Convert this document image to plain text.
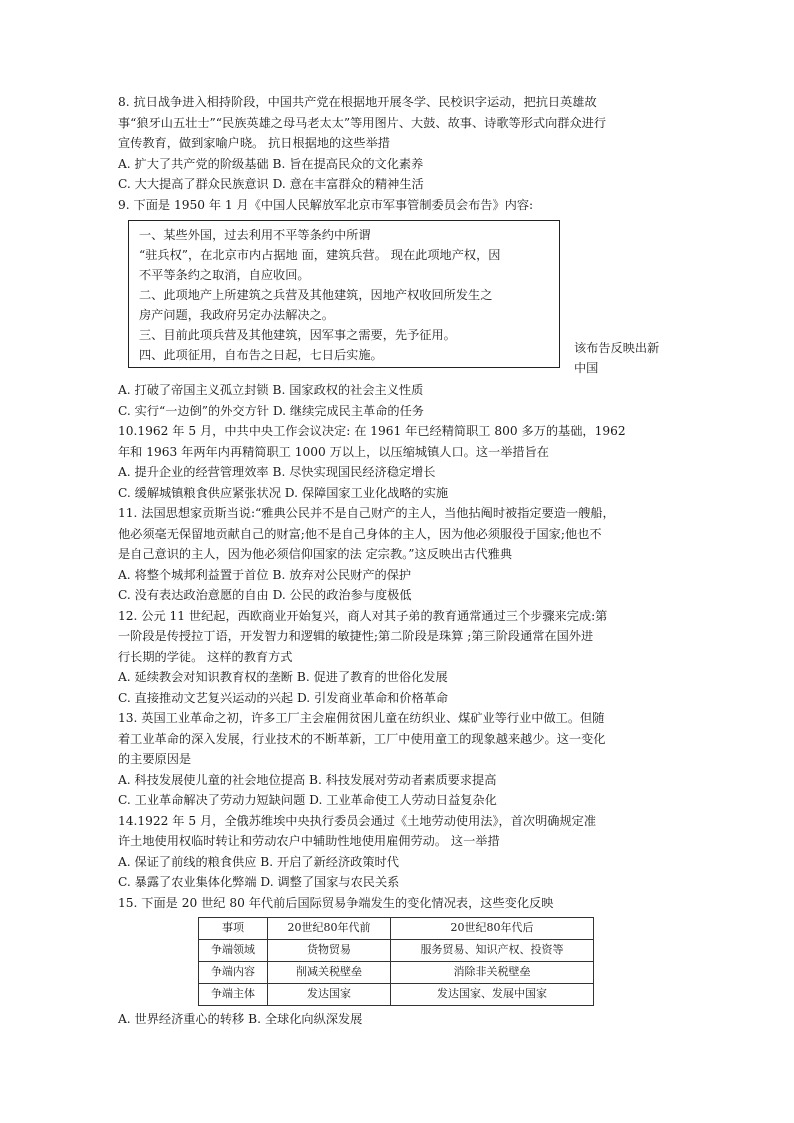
8. 抗日战争进入相持阶段，中国共产党在根据地开展冬学、民校识字运动，把抗日英雄故
事“狼牙山五壮士”“民族英雄之母马老太太”等用图片、大鼓、故事、诗歌等形式向群众进行
宣传教育，做到家喻户晓。 抗日根据地的这些举措
A. 扩大了共产党的阶级基础 B. 旨在提高民众的文化素养
C. 大大提高了群众民族意识 D. 意在丰富群众的精神生活
9. 下面是 1950 年 1 月《中国人民解放军北京市军事管制委员会布告》内容:
一、某些外国，过去利用不平等条约中所谓
“驻兵权”，在北京市内占据地 面，建筑兵营。 现在此项地产权，因
不平等条约之取消，自应收回。
二、此项地产上所建筑之兵营及其他建筑，因地产权收回所发生之
房产问题，我政府另定办法解决之。
三、目前此项兵营及其他建筑，因军事之需要，先予征用。
四、此项征用，自布告之日起，七日后实施。	该布告反映出新
中国
A. 打破了帝国主义孤立封锁 B. 国家政权的社会主义性质
C. 实行“一边倒”的外交方针 D. 继续完成民主革命的任务
10.1962 年 5 月，中共中央工作会议决定: 在 1961 年已经精简职工 800 多万的基础，1962
年和 1963 年两年内再精简职工 1000 万以上，以压缩城镇人口。这一举措旨在
A. 提升企业的经营管理效率 B. 尽快实现国民经济稳定增长
C. 缓解城镇粮食供应紧张状况 D. 保障国家工业化战略的实施
11. 法国思想家贡斯当说:“雅典公民并不是自己财产的主人，当他拈阄时被指定要造一艘船，
他必须毫无保留地贡献自己的财富;他不是自己身体的主人，因为他必须服役于国家;他也不
是自己意识的主人，因为他必须信仰国家的法 定宗教。”这反映出古代雅典
A. 将整个城邦利益置于首位 B. 放弃对公民财产的保护
C. 没有表达政治意愿的自由 D. 公民的政治参与度极低
12. 公元 11 世纪起，西欧商业开始复兴，商人对其子弟的教育通常通过三个步骤来完成:第
一阶段是传授拉丁语，开发智力和逻辑的敏捷性;第二阶段是珠算 ;第三阶段通常在国外进
行长期的学徒。 这样的教育方式
A. 延续教会对知识教育权的垄断 B. 促进了教育的世俗化发展
C. 直接推动文艺复兴运动的兴起 D. 引发商业革命和价格革命
13. 英国工业革命之初，许多工厂主会雇佣贫困儿童在纺织业、煤矿业等行业中做工。但随
着工业革命的深入发展，行业技术的不断革新，工厂中使用童工的现象越来越少。这一变化
的主要原因是
A. 科技发展使儿童的社会地位提高 B. 科技发展对劳动者素质要求提高
C. 工业革命解决了劳动力短缺问题 D. 工业革命使工人劳动日益复杂化
14.1922 年 5 月，全俄苏维埃中央执行委员会通过《土地劳动使用法》，首次明确规定准
许土地使用权临时转让和劳动农户中辅助性地使用雇佣劳动。 这一举措
A. 保证了前线的粮食供应 B. 开启了新经济政策时代
C. 暴露了农业集体化弊端 D. 调整了国家与农民关系
15. 下面是 20 世纪 80 年代前后国际贸易争端发生的变化情况表，这些变化反映
事项	20世纪80年代前	20世纪80年代后
争端领域	货物贸易	服务贸易、知识产权、投资等
争端内容	削减关税壁垒	消除非关税壁垒
争端主体	发达国家	发达国家、发展中国家
A. 世界经济重心的转移 B. 全球化向纵深发展
